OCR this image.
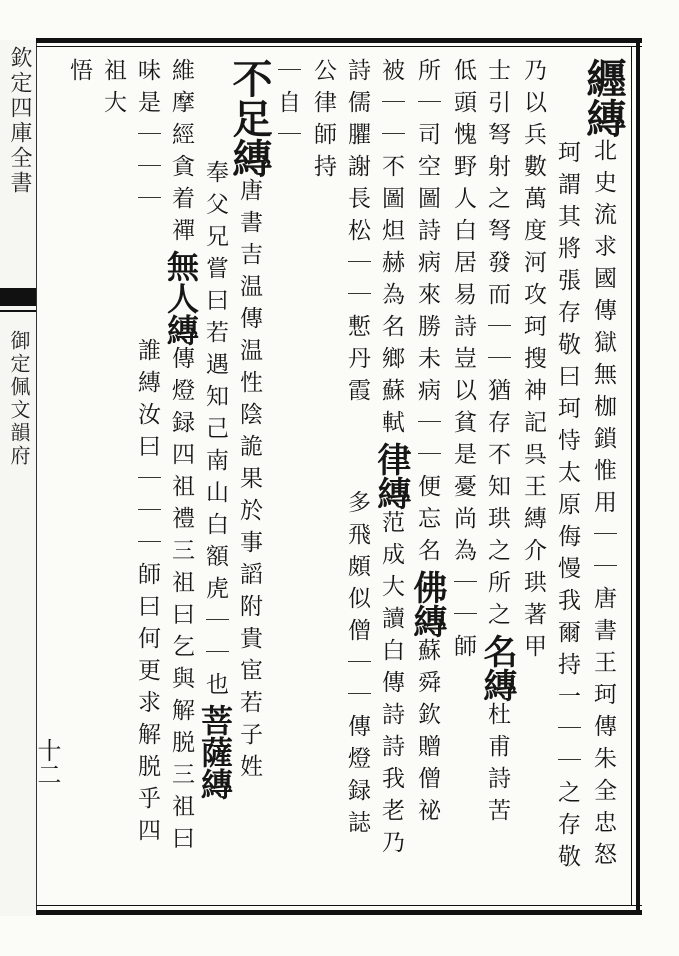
欽定四庫全書
御定佩文韻府
十二
纒縳北史流求國傳獄無枷鎖惟用｜｜唐書王珂傳朱全忠怒
珂謂其將張存敬曰珂恃太原侮慢我爾持一｜｜之存敬
乃以兵數萬度河攻珂搜神記呉王縳介珙著甲
士引弩射之弩發而｜｜猶存不知珙之所之名縳杜甫詩苦
低頭愧野人白居易詩豈以貧是憂尚為｜｜師
所｜司空圖詩病來勝未病｜｜便忘名佛縳蘇舜欽贈僧祕
被｜｜不圖炟赫為名鄉蘇軾律縳范成大讀白傳詩詩我老乃
詩儒臞謝長松｜｜慙丹霞多飛頗似僧｜｜傳燈録誌
公律師持
｜自｜
不足縳唐書吉温傳温性陰詭果於事謟附貴宦若子姓
奉父兄嘗曰若遇知己南山白額虎｜｜也菩薩縳
維摩經貪着禪無人縳傳燈録四祖禮三祖曰乞與解脱三祖曰
味是｜｜｜誰縳汝曰｜｜｜師曰何更求解脱乎四
祖大
悟
